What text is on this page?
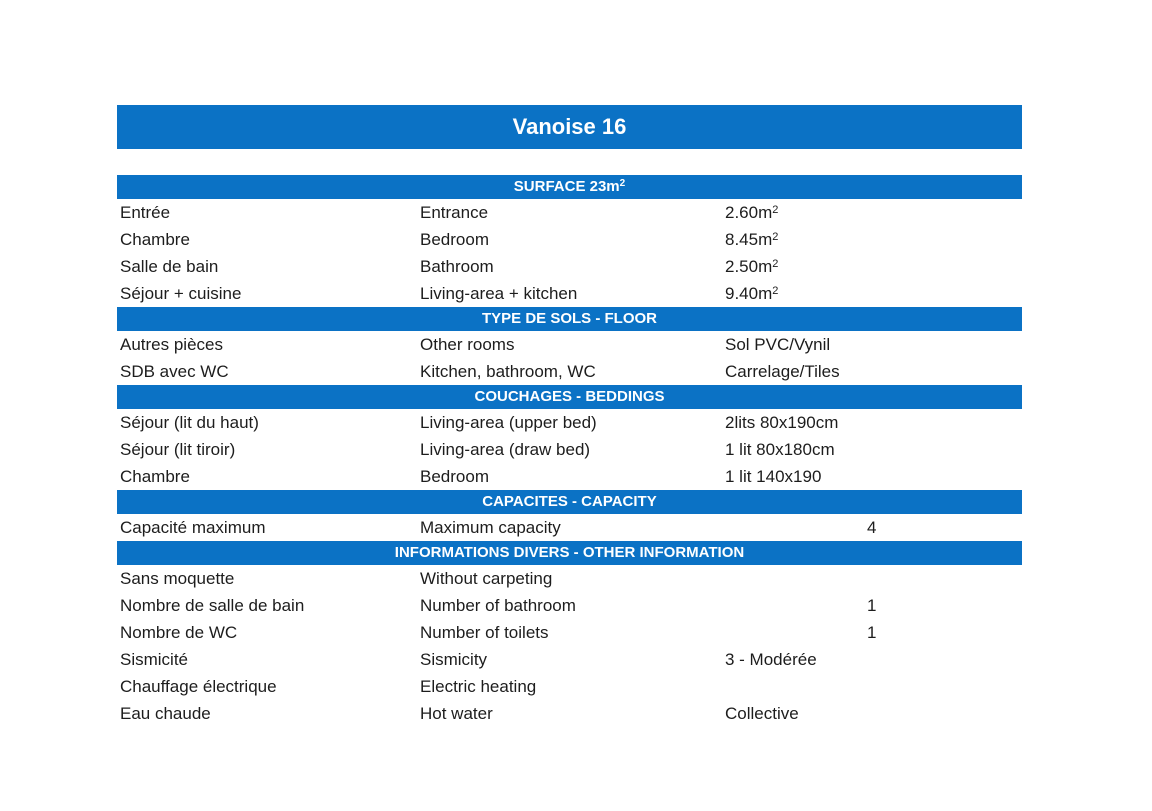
Vanoise 16
SURFACE $23m^2$
Entrée	Entrance	$2.60m^2$
Chambre	Bedroom	$8.45m^2$
Salle de bain	Bathroom	$2.50m^2$
Séjour + cuisine	Living-area + kitchen	$9.40m^2$
TYPE DE SOLS - FLOOR
Autres pièces	Other rooms	Sol PVC/Vynil
SDB avec WC	Kitchen, bathroom, WC	Carrelage/Tiles
COUCHAGES - BEDDINGS
Séjour (lit du haut)	Living-area (upper bed)	2lits 80x190cm
Séjour (lit tiroir)	Living-area (draw bed)	1 lit 80x180cm
Chambre	Bedroom	1 lit 140x190
CAPACITES - CAPACITY
Capacité maximum	Maximum capacity	4
INFORMATIONS DIVERS - OTHER INFORMATION
Sans moquette	Without carpeting
Nombre de salle de bain	Number of bathroom	1
Nombre de WC	Number of toilets	1
Sismicité	Sismicity	3 - Modérée
Chauffage électrique	Electric heating
Eau chaude	Hot water	Collective
